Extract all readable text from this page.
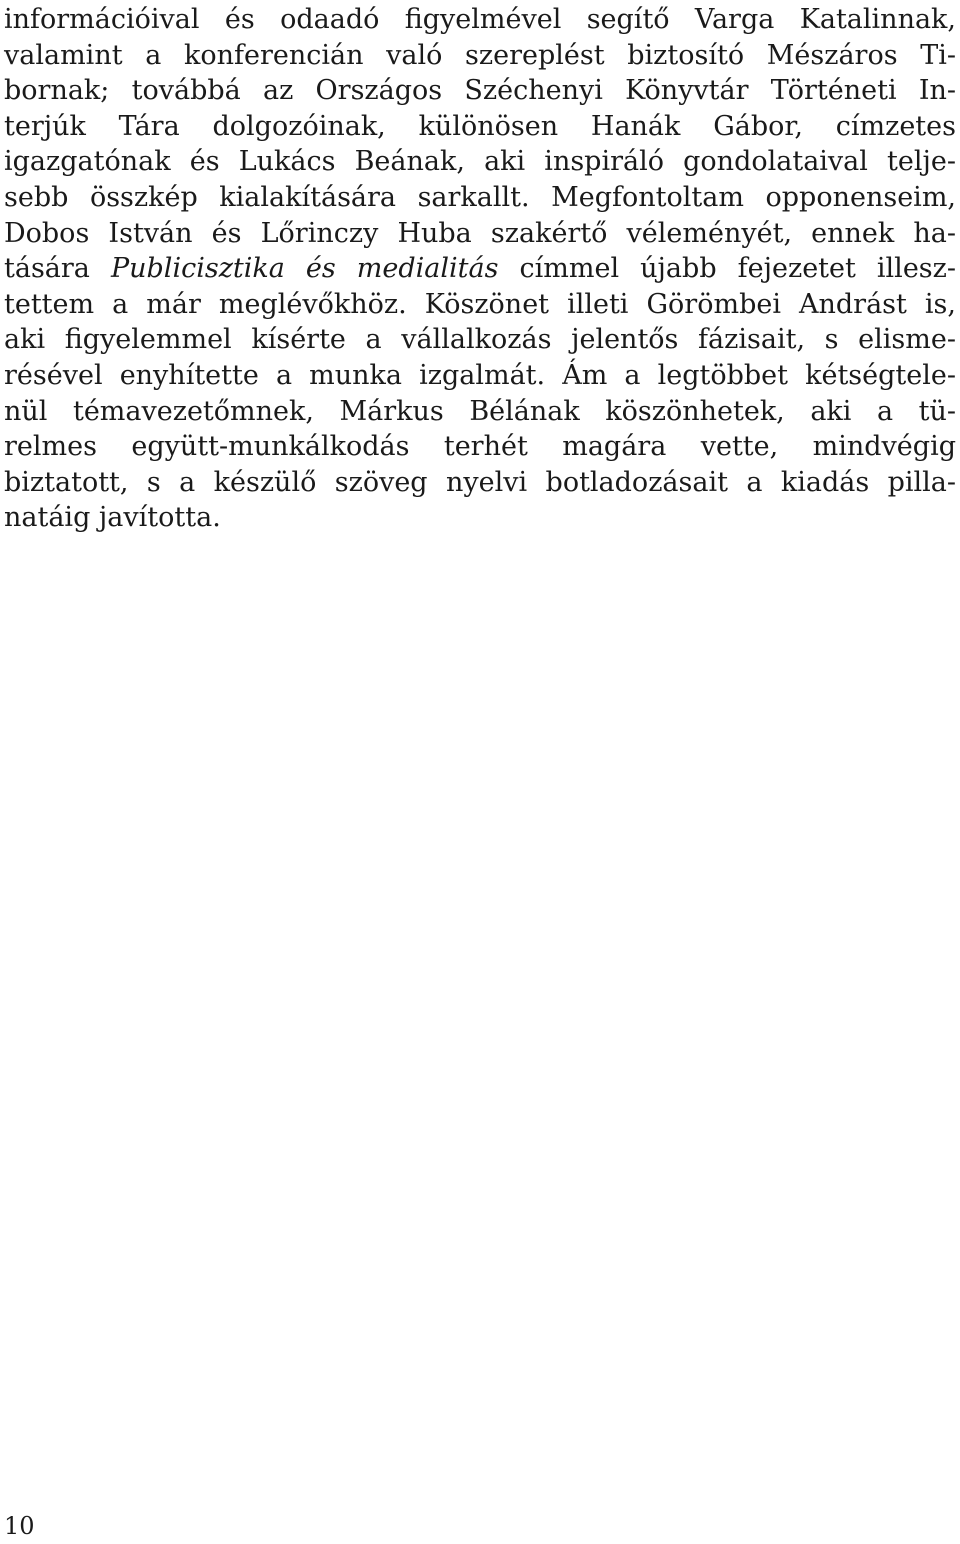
információival és odaadó figyelmével segítő Varga Katalinnak,
valamint a konferencián való szereplést biztosító Mészáros Ti-
bornak; továbbá az Országos Széchenyi Könyvtár Történeti In-
terjúk Tára dolgozóinak, különösen Hanák Gábor, címzetes
igazgatónak és Lukács Beának, aki inspiráló gondolataival telje-
sebb összkép kialakítására sarkallt. Megfontoltam opponenseim,
Dobos István és Lőrinczy Huba szakértő véleményét, ennek ha-
tására Publicisztika és medialitás címmel újabb fejezetet illesz-
tettem a már meglévőkhöz. Köszönet illeti Görömbei Andrást is,
aki figyelemmel kísérte a vállalkozás jelentős fázisait, s elisme-
résével enyhítette a munka izgalmát. Ám a legtöbbet kétségtele-
nül témavezetőmnek, Márkus Bélának köszönhetek, aki a tü-
relmes együtt-munkálkodás terhét magára vette, mindvégig
biztatott, s a készülő szöveg nyelvi botladozásait a kiadás pilla-
natáig javította.

10
